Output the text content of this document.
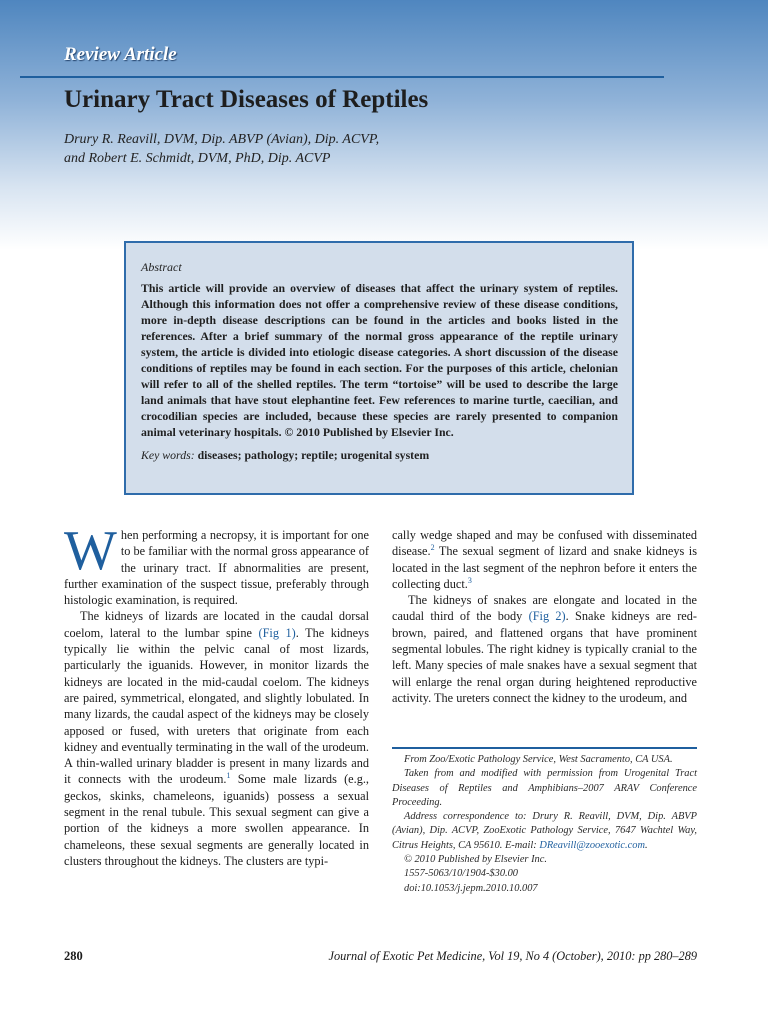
Review Article
Urinary Tract Diseases of Reptiles
Drury R. Reavill, DVM, Dip. ABVP (Avian), Dip. ACVP,
and Robert E. Schmidt, DVM, PhD, Dip. ACVP
Abstract
This article will provide an overview of diseases that affect the urinary system of reptiles. Although this information does not offer a comprehensive review of these disease conditions, more in-depth disease descriptions can be found in the articles and books listed in the references. After a brief summary of the normal gross appearance of the reptile urinary system, the article is divided into etiologic disease categories. A short discussion of the disease conditions of reptiles may be found in each section. For the purposes of this article, chelonian will refer to all of the shelled reptiles. The term “tortoise” will be used to describe the large land animals that have stout elephantine feet. Few references to marine turtle, caecilian, and crocodilian species are included, because these species are rarely presented to companion animal veterinary hospitals. © 2010 Published by Elsevier Inc.
Key words: diseases; pathology; reptile; urogenital system

When performing a necropsy, it is important for one to be familiar with the normal gross appearance of the urinary tract. If abnormalities are present, further examination of the suspect tissue, preferably through histologic examination, is required.

The kidneys of lizards are located in the caudal dorsal coelom, lateral to the lumbar spine (Fig 1). The kidneys typically lie within the pelvic canal of most lizards, particularly the iguanids. However, in monitor lizards the kidneys are located in the mid-caudal coelom. The kidneys are paired, symmetrical, elongated, and slightly lobulated. In many lizards, the caudal aspect of the kidneys may be closely apposed or fused, with ureters that originate from each kidney and eventually terminating in the wall of the urodeum. A thin-walled urinary bladder is present in many lizards and it connects with the urodeum.$^1$ Some male lizards (e.g., geckos, skinks, chameleons, iguanids) possess a sexual segment in the renal tubule. This sexual segment can give a portion of the kidneys a more swollen appearance. In chameleons, these sexual segments are generally located in clusters throughout the kidneys. The clusters are typi-

cally wedge shaped and may be confused with disseminated disease.$^2$ The sexual segment of lizard and snake kidneys is located in the last segment of the nephron before it enters the collecting duct.$^3$

The kidneys of snakes are elongate and located in the caudal third of the body (Fig 2). Snake kidneys are red-brown, paired, and flattened organs that have prominent segmental lobules. The right kidney is typically cranial to the left. Many species of male snakes have a sexual segment that will enlarge the renal organ during heightened reproductive activity. The ureters connect the kidney to the urodeum, and

From Zoo/Exotic Pathology Service, West Sacramento, CA USA.

Taken from and modified with permission from Urogenital Tract Diseases of Reptiles and Amphibians–2007 ARAV Conference Proceeding.

Address correspondence to: Drury R. Reavill, DVM, Dip. ABVP (Avian), Dip. ACVP, ZooExotic Pathology Service, 7647 Wachtel Way, Citrus Heights, CA 95610. E-mail: DReavill@zooexotic.com.

© 2010 Published by Elsevier Inc.

1557-5063/10/1904-$30.00

doi:10.1053/j.jepm.2010.10.007

280	Journal of Exotic Pet Medicine, Vol 19, No 4 (October), 2010: pp 280–289
